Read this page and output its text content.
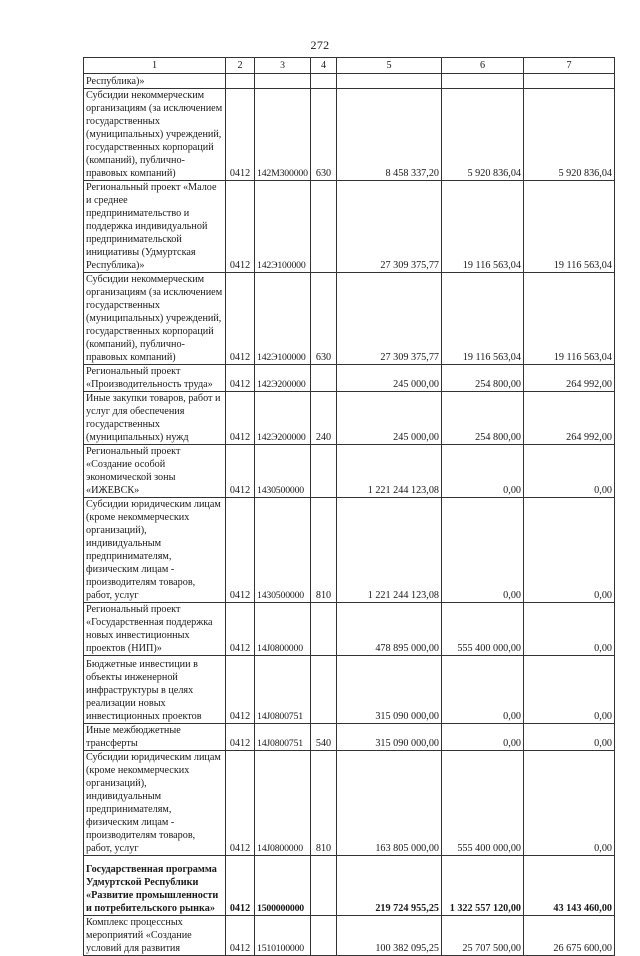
272
1	2	3	4	5	6	7
Республика)»						
Субсидии некоммерческим организациям (за исключением государственных (муниципальных) учреждений, государственных корпораций (компаний), публично-правовых компаний)	0412	142М300000	630	8 458 337,20	5 920 836,04	5 920 836,04
Региональный проект «Малое и среднее предпринимательство и поддержка индивидуальной предпринимательской инициативы (Удмуртская Республика)»	0412	142Э100000		27 309 375,77	19 116 563,04	19 116 563,04
Субсидии некоммерческим организациям (за исключением государственных (муниципальных) учреждений, государственных корпораций (компаний), публично-правовых компаний)	0412	142Э100000	630	27 309 375,77	19 116 563,04	19 116 563,04
Региональный проект «Производительность труда»	0412	142Э200000		245 000,00	254 800,00	264 992,00
Иные закупки товаров, работ и услуг для обеспечения государственных (муниципальных) нужд	0412	142Э200000	240	245 000,00	254 800,00	264 992,00
Региональный проект «Создание особой экономической зоны «ИЖЕВСК»	0412	1430500000		1 221 244 123,08	0,00	0,00
Субсидии юридическим лицам (кроме некоммерческих организаций), индивидуальным предпринимателям, физическим лицам - производителям товаров, работ, услуг	0412	1430500000	810	1 221 244 123,08	0,00	0,00
Региональный проект «Государственная поддержка новых инвестиционных проектов (НИП)»	0412	14J0800000		478 895 000,00	555 400 000,00	0,00
Бюджетные инвестиции в объекты инженерной инфраструктуры в целях реализации новых инвестиционных проектов	0412	14J0800751		315 090 000,00	0,00	0,00
Иные межбюджетные трансферты	0412	14J0800751	540	315 090 000,00	0,00	0,00
Субсидии юридическим лицам (кроме некоммерческих организаций), индивидуальным предпринимателям, физическим лицам - производителям товаров, работ, услуг	0412	14J0800000	810	163 805 000,00	555 400 000,00	0,00
Государственная программа Удмуртской Республики «Развитие промышленности и потребительского рынка»	0412	1500000000		219 724 955,25	1 322 557 120,00	43 143 460,00
Комплекс процессных мероприятий «Создание условий для развития	0412	1510100000		100 382 095,25	25 707 500,00	26 675 600,00
